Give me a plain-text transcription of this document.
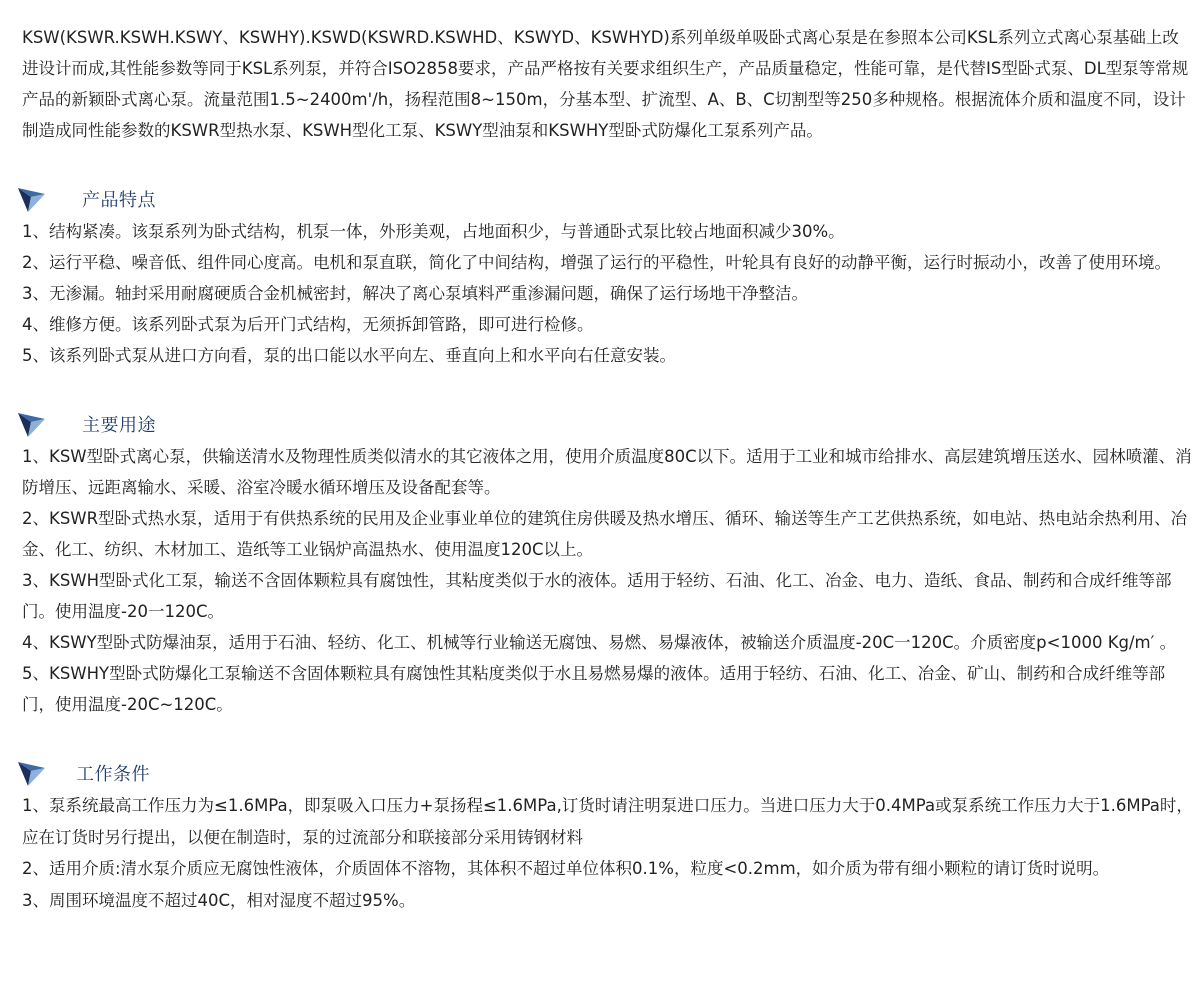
KSW(KSWR.KSWH.KSWY、KSWHY).KSWD(KSWRD.KSWHD、KSWYD、KSWHYD)系列单级单吸卧式离心泵是在参照本公司KSL系列立式离心泵基础上改进设计而成,其性能参数等同于KSL系列泵，并符合ISO2858要求，产品严格按有关要求组织生产，产品质量稳定，性能可靠，是代替IS型卧式泵、DL型泵等常规产品的新颖卧式离心泵。流量范围1.5~2400m'/h，扬程范围8~150m，分基本型、扩流型、A、B、C切割型等250多种规格。根据流体介质和温度不同，设计制造成同性能参数的KSWR型热水泵、KSWH型化工泵、KSWY型油泵和KSWHY型卧式防爆化工泵系列产品。

产品特点
1、结构紧凑。该泵系列为卧式结构，机泵一体，外形美观，占地面积少，与普通卧式泵比较占地面积减少30%。
2、运行平稳、噪音低、组件同心度高。电机和泵直联，简化了中间结构，增强了运行的平稳性，叶轮具有良好的动静平衡，运行时振动小，改善了使用环境。
3、无渗漏。轴封采用耐腐硬质合金机械密封，解决了离心泵填料严重渗漏问题，确保了运行场地干净整洁。
4、维修方便。该系列卧式泵为后开门式结构，无须拆卸管路，即可进行检修。
5、该系列卧式泵从进口方向看，泵的出口能以水平向左、垂直向上和水平向右任意安装。
主要用途
1、KSW型卧式离心泵，供输送清水及物理性质类似清水的其它液体之用，使用介质温度80C以下。适用于工业和城市给排水、高层建筑增压送水、园林喷灌、消防增压、远距离输水、采暖、浴室冷暖水循环增压及设备配套等。
2、KSWR型卧式热水泵，适用于有供热系统的民用及企业事业单位的建筑住房供暖及热水增压、循环、输送等生产工艺供热系统，如电站、热电站余热利用、冶金、化工、纺织、木材加工、造纸等工业锅炉高温热水、使用温度120C以上。
3、KSWH型卧式化工泵，输送不含固体颗粒具有腐蚀性，其粘度类似于水的液体。适用于轻纺、石油、化工、冶金、电力、造纸、食品、制药和合成纤维等部门。使用温度-20一120C。
4、KSWY型卧式防爆油泵，适用于石油、轻纺、化工、机械等行业输送无腐蚀、易燃、易爆液体，被输送介质温度-20C一120C。介质密度p<1000 Kg/m′ 。
5、KSWHY型卧式防爆化工泵输送不含固体颗粒具有腐蚀性其粘度类似于水且易燃易爆的液体。适用于轻纺、石油、化工、冶金、矿山、制药和合成纤维等部门，使用温度-20C~120C。
工作条件
1、泵系统最高工作压力为≤1.6MPa，即泵吸入口压力+泵扬程≤1.6MPa,订货时请注明泵进口压力。当进口压力大于0.4MPa或泵系统工作压力大于1.6MPa时，应在订货时另行提出，以便在制造时，泵的过流部分和联接部分采用铸钢材料
2、适用介质:清水泵介质应无腐蚀性液体，介质固体不溶物，其体积不超过单位体积0.1%，粒度<0.2mm，如介质为带有细小颗粒的请订货时说明。
3、周围环境温度不超过40C，相对湿度不超过95%。
